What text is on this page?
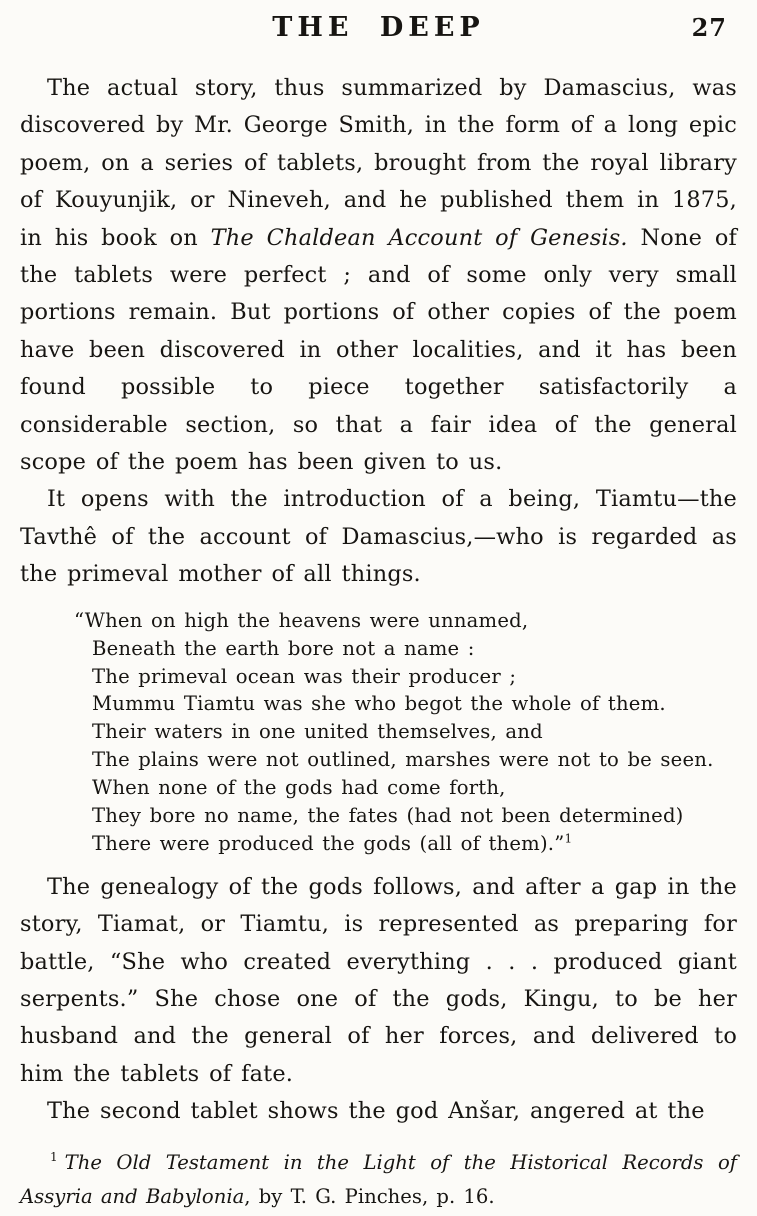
THE DEEP	27

The actual story, thus summarized by Damascius, was discovered by Mr. George Smith, in the form of a long epic poem, on a series of tablets, brought from the royal library of Kouyunjik, or Nineveh, and he published them in 1875, in his book on The Chaldean Account of Genesis. None of the tablets were perfect ; and of some only very small portions remain. But portions of other copies of the poem have been discovered in other localities, and it has been found possible to piece together satisfactorily a considerable section, so that a fair idea of the general scope of the poem has been given to us.

It opens with the introduction of a being, Tiamtu—the Tavthê of the account of Damascius,—who is regarded as the primeval mother of all things.

“When on high the heavens were unnamed,
Beneath the earth bore not a name :
The primeval ocean was their producer ;
Mummu Tiamtu was she who begot the whole of them.
Their waters in one united themselves, and
The plains were not outlined, marshes were not to be seen.
When none of the gods had come forth,
They bore no name, the fates (had not been determined)
There were produced the gods (all of them).”$^1$

The genealogy of the gods follows, and after a gap in the story, Tiamat, or Tiamtu, is represented as preparing for battle, “She who created everything . . . produced giant serpents.” She chose one of the gods, Kingu, to be her husband and the general of her forces, and delivered to him the tablets of fate.

The second tablet shows the god Anšar, angered at the

$^1$ The Old Testament in the Light of the Historical Records of Assyria and Babylonia, by T. G. Pinches, p. 16.
